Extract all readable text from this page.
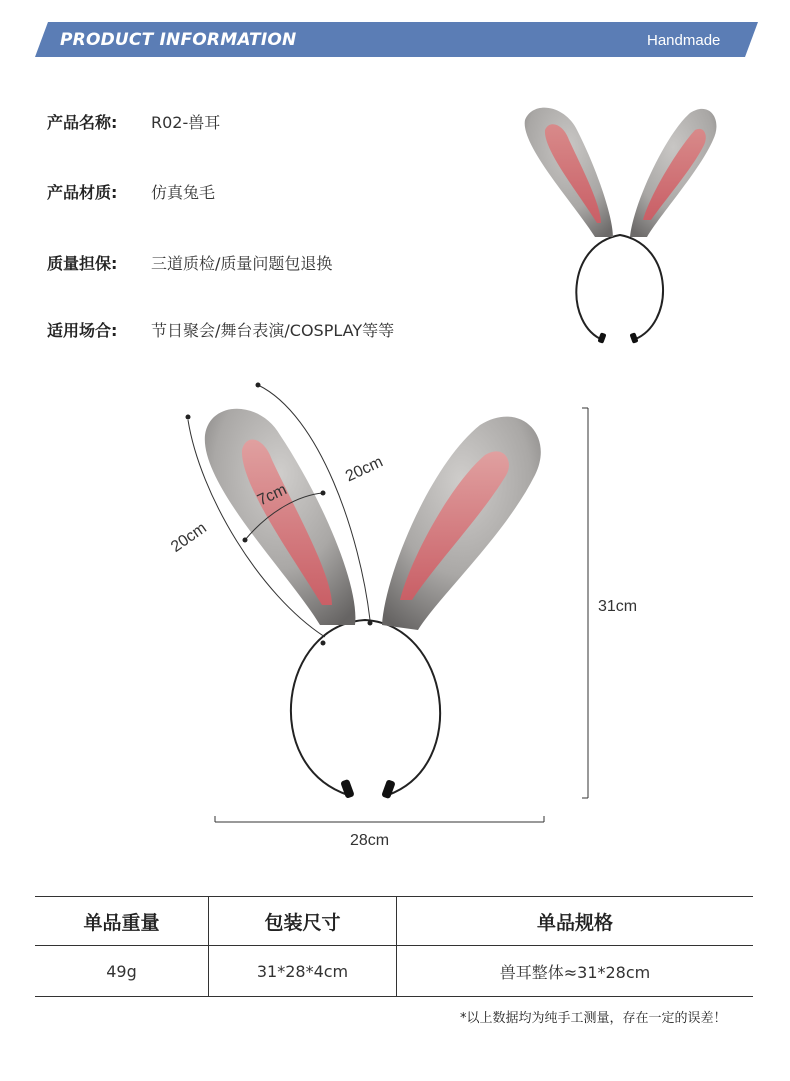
PRODUCT INFORMATION	Handmade
产品名称: R02-兽耳
产品材质: 仿真兔毛
质量担保: 三道质检/质量问题包退换
适用场合: 节日聚会/舞台表演/COSPLAY等等
20cm
20cm
7cm
31cm
28cm
单品重量	包装尺寸	单品规格
49g	31*28*4cm	兽耳整体≈31*28cm
*以上数据均为纯手工测量，存在一定的误差！
